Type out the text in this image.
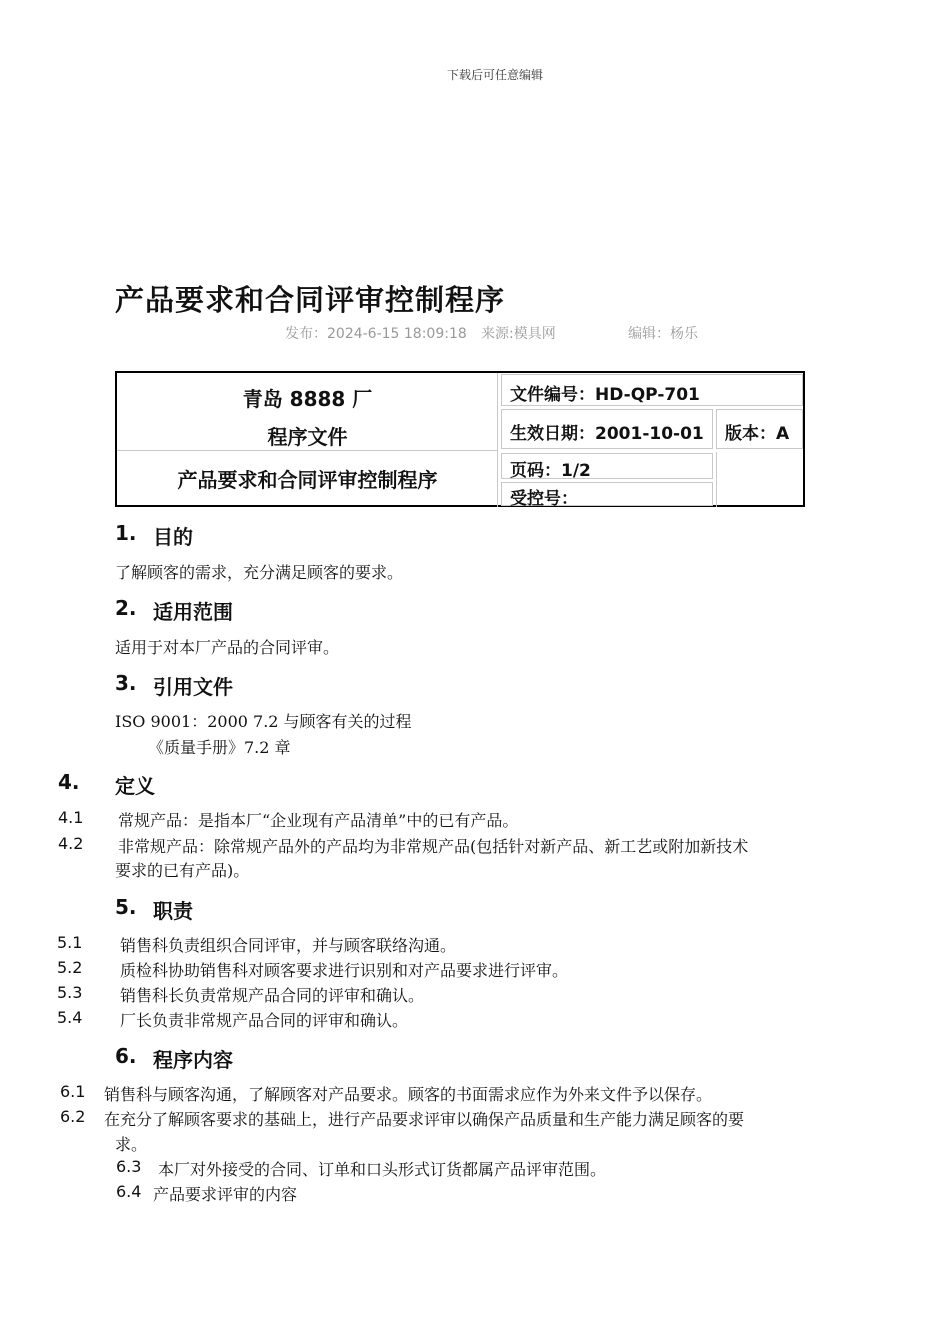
下载后可任意编辑
产品要求和合同评审控制程序
发布：2024-6-15 18:09:18 来源:模具网	编辑：杨乐
青岛 8888 厂
程序文件
产品要求和合同评审控制程序
文件编号：HD-QP-701
生效日期：2001-10-01	版本：A
页码：1/2
受控号：
1. 目的
了解顾客的需求，充分满足顾客的要求。
2. 适用范围
适用于对本厂产品的合同评审。
3. 引用文件
ISO 9001：2000 7.2 与顾客有关的过程
《质量手册》7.2 章
4. 定义
4.1 常规产品：是指本厂“企业现有产品清单”中的已有产品。
4.2 非常规产品：除常规产品外的产品均为非常规产品(包括针对新产品、新工艺或附加新技术
要求的已有产品)。
5. 职责
5.1 销售科负责组织合同评审，并与顾客联络沟通。
5.2 质检科协助销售科对顾客要求进行识别和对产品要求进行评审。
5.3 销售科长负责常规产品合同的评审和确认。
5.4 厂长负责非常规产品合同的评审和确认。
6. 程序内容
6.1 销售科与顾客沟通，了解顾客对产品要求。顾客的书面需求应作为外来文件予以保存。
6.2 在充分了解顾客要求的基础上，进行产品要求评审以确保产品质量和生产能力满足顾客的要
求。
6.3 本厂对外接受的合同、订单和口头形式订货都属产品评审范围。
6.4 产品要求评审的内容
